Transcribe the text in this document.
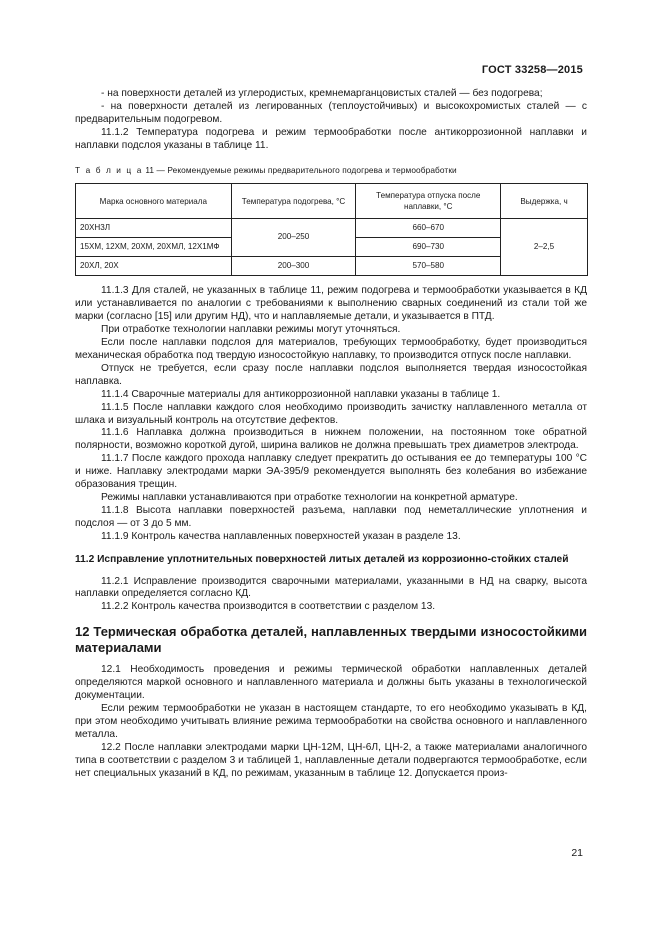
ГОСТ 33258—2015

- на поверхности деталей из углеродистых, кремнемарганцовистых сталей — без подогрева;

- на поверхности деталей из легированных (теплоустойчивых) и высокохромистых сталей — с предварительным подогревом.

11.1.2 Температура подогрева и режим термообработки после антикоррозионной наплавки и наплавки подслоя указаны в таблице 11.

Т а б л и ц а 11 — Рекомендуемые режимы предварительного подогрева и термообработки
Марка основного материала	Температура подогрева, °С	Температура отпуска после наплавки, °С	Выдержка, ч
20ХН3Л	200–250	660–670	2–2,5
15ХМ, 12ХМ, 20ХМ, 20ХМЛ, 12Х1МФ		690–730	
20ХЛ, 20Х	200–300	570–580	

11.1.3 Для сталей, не указанных в таблице 11, режим подогрева и термообработки указывается в КД или устанавливается по аналогии с требованиями к выполнению сварных соединений из стали той же марки (согласно [15] или другим НД), что и наплавляемые детали, и указывается в ПТД.

При отработке технологии наплавки режимы могут уточняться.

Если после наплавки подслоя для материалов, требующих термообработку, будет производиться механическая обработка под твердую износостойкую наплавку, то производится отпуск после наплавки.

Отпуск не требуется, если сразу после наплавки подслоя выполняется твердая износостойкая наплавка.

11.1.4 Сварочные материалы для антикоррозионной наплавки указаны в таблице 1.

11.1.5 После наплавки каждого слоя необходимо производить зачистку наплавленного металла от шлака и визуальный контроль на отсутствие дефектов.

11.1.6 Наплавка должна производиться в нижнем положении, на постоянном токе обратной полярности, возможно короткой дугой, ширина валиков не должна превышать трех диаметров электрода.

11.1.7 После каждого прохода наплавку следует прекратить до остывания ее до температуры 100 °С и ниже. Наплавку электродами марки ЭА-395/9 рекомендуется выполнять без колебания во избежание образования трещин.

Режимы наплавки устанавливаются при отработке технологии на конкретной арматуре.

11.1.8 Высота наплавки поверхностей разъема, наплавки под неметаллические уплотнения и подслоя — от 3 до 5 мм.

11.1.9 Контроль качества наплавленных поверхностей указан в разделе 13.

11.2 Исправление уплотнительных поверхностей литых деталей из коррозионно-стойких сталей

11.2.1 Исправление производится сварочными материалами, указанными в НД на сварку, высота наплавки определяется согласно КД.

11.2.2 Контроль качества производится в соответствии с разделом 13.

12 Термическая обработка деталей, наплавленных твердыми износостойкими материалами

12.1 Необходимость проведения и режимы термической обработки наплавленных деталей определяются маркой основного и наплавленного материала и должны быть указаны в технологической документации.

Если режим термообработки не указан в настоящем стандарте, то его необходимо указывать в КД, при этом необходимо учитывать влияние режима термообработки на свойства основного и наплавленного металла.

12.2 После наплавки электродами марки ЦН-12М, ЦН-6Л, ЦН-2, а также материалами аналогичного типа в соответствии с разделом 3 и таблицей 1, наплавленные детали подвергаются термообработке, если нет специальных указаний в КД, по режимам, указанным в таблице 12. Допускается произ-

21
